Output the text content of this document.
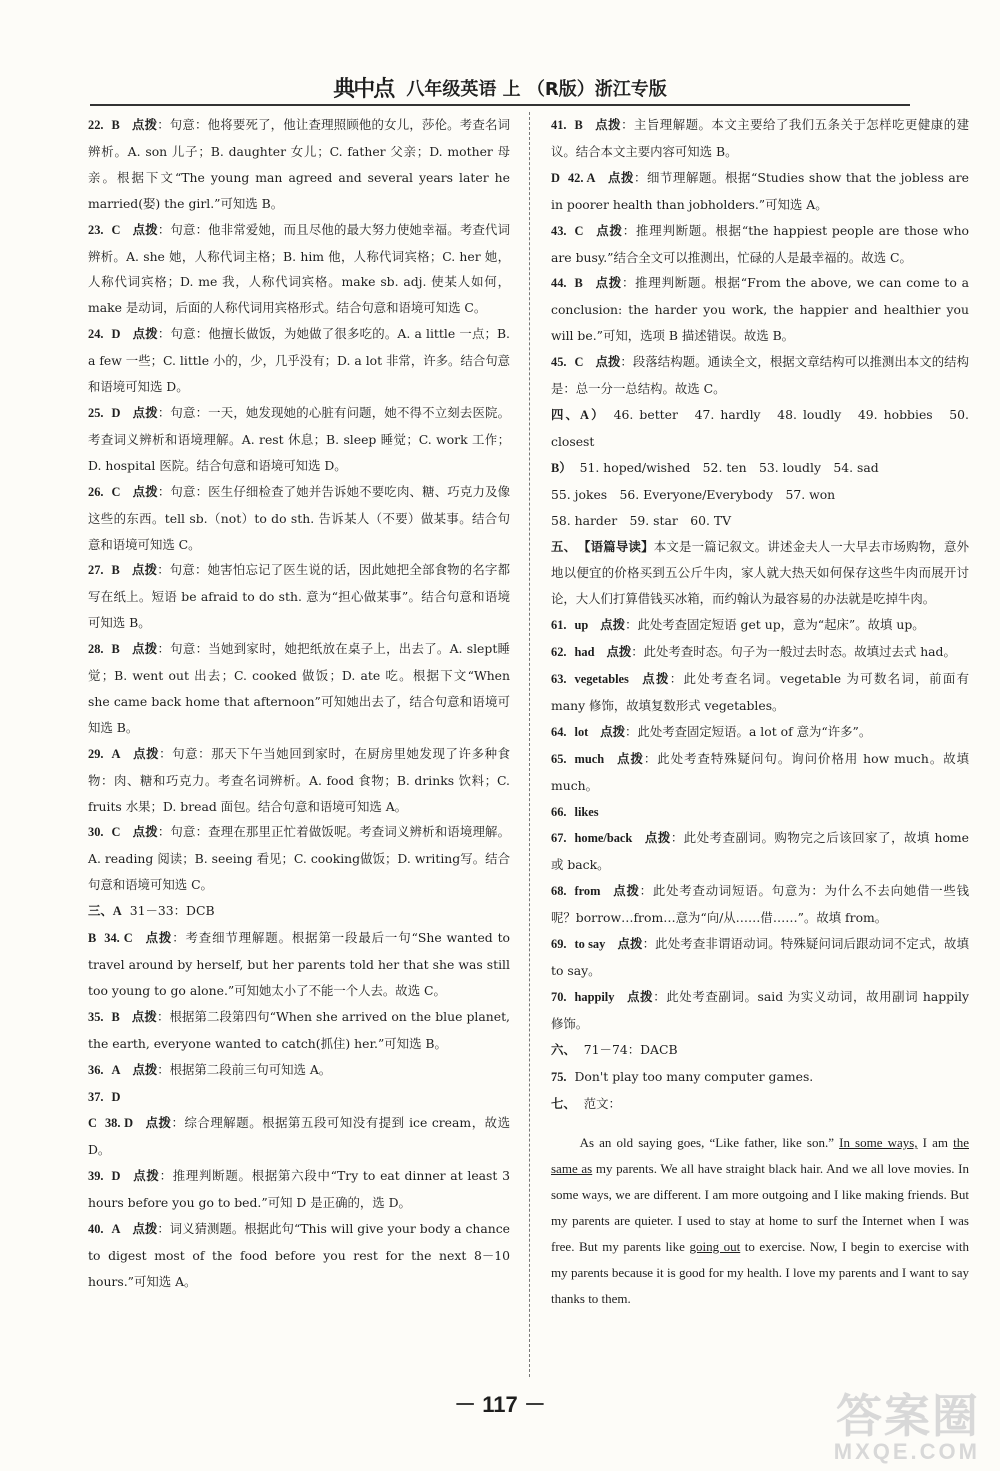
典中点 八年级英语 上 （R版）浙江专版

22. B 点拨：句意：他将要死了，他让查理照顾他的女儿，莎伦。考查名词辨析。A. son 儿子；B. daughter 女儿；C. father 父亲；D. mother 母亲。根据下文“The young man agreed and several years later he married(娶) the girl.”可知选 B。

23. C 点拨：句意：他非常爱她，而且尽他的最大努力使她幸福。考查代词辨析。A. she 她，人称代词主格；B. him 他，人称代词宾格；C. her 她，人称代词宾格；D. me 我，人称代词宾格。make sb. adj. 使某人如何，make 是动词，后面的人称代词用宾格形式。结合句意和语境可知选 C。

24. D 点拨：句意：他擅长做饭，为她做了很多吃的。A. a little 一点；B. a few 一些；C. little 小的，少，几乎没有；D. a lot 非常，许多。结合句意和语境可知选 D。

25. D 点拨：句意：一天，她发现她的心脏有问题，她不得不立刻去医院。考查词义辨析和语境理解。A. rest 休息；B. sleep 睡觉；C. work 工作；D. hospital 医院。结合句意和语境可知选 D。

26. C 点拨：句意：医生仔细检查了她并告诉她不要吃肉、糖、巧克力及像这些的东西。tell sb.（not）to do sth. 告诉某人（不要）做某事。结合句意和语境可知选 C。

27. B 点拨：句意：她害怕忘记了医生说的话，因此她把全部食物的名字都写在纸上。短语 be afraid to do sth. 意为“担心做某事”。结合句意和语境可知选 B。

28. B 点拨：句意：当她到家时，她把纸放在桌子上，出去了。A. slept睡觉；B. went out 出去；C. cooked 做饭；D. ate 吃。根据下文“When she came back home that afternoon”可知她出去了，结合句意和语境可知选 B。

29. A 点拨：句意：那天下午当她回到家时，在厨房里她发现了许多种食物：肉、糖和巧克力。考查名词辨析。A. food 食物；B. drinks 饮料；C. fruits 水果；D. bread 面包。结合句意和语境可知选 A。

30. C 点拨：句意：查理在那里正忙着做饭呢。考查词义辨析和语境理解。A. reading 阅读；B. seeing 看见；C. cooking做饭；D. writing写。结合句意和语境可知选 C。

三、A 31－33：DCB

B 34. C 点拨：考查细节理解题。根据第一段最后一句“She wanted to travel around by herself, but her parents told her that she was still too young to go alone.”可知她太小了不能一个人去。故选 C。

35. B 点拨：根据第二段第四句“When she arrived on the blue planet, the earth, everyone wanted to catch(抓住) her.”可知选 B。

36. A 点拨：根据第二段前三句可知选 A。

37. D

C 38. D 点拨：综合理解题。根据第五段可知没有提到 ice cream，故选 D。

39. D 点拨：推理判断题。根据第六段中“Try to eat dinner at least 3 hours before you go to bed.”可知 D 是正确的，选 D。

40. A 点拨：词义猜测题。根据此句“This will give your body a chance to digest most of the food before you rest for the next 8－10 hours.”可知选 A。

41. B 点拨：主旨理解题。本文主要给了我们五条关于怎样吃更健康的建议。结合本文主要内容可知选 B。

D 42. A 点拨：细节理解题。根据“Studies show that the jobless are in poorer health than jobholders.”可知选 A。

43. C 点拨：推理判断题。根据“the happiest people are those who are busy.”结合全文可以推测出，忙碌的人是最幸福的。故选 C。

44. B 点拨：推理判断题。根据“From the above, we can come to a conclusion: the harder you work, the happier and healthier you will be.”可知，选项 B 描述错误。故选 B。

45. C 点拨：段落结构题。通读全文，根据文章结构可以推测出本文的结构是：总一分一总结构。故选 C。

四、A） 46. better　47. hardly　48. loudly　49. hobbies　50. closest

B） 51. hoped/wished　52. ten　53. loudly　54. sad

55. jokes　56. Everyone/Everybody　57. won

58. harder　59. star　60. TV

五、 【语篇导读】本文是一篇记叙文。讲述金夫人一大早去市场购物，意外地以便宜的价格买到五公斤牛肉，家人就大热天如何保存这些牛肉而展开讨论，大人们打算借钱买冰箱，而约翰认为最容易的办法就是吃掉牛肉。

61. up 点拨：此处考查固定短语 get up，意为“起床”。故填 up。

62. had 点拨：此处考查时态。句子为一般过去时态。故填过去式 had。

63. vegetables 点拨：此处考查名词。vegetable 为可数名词，前面有 many 修饰，故填复数形式 vegetables。

64. lot 点拨：此处考查固定短语。a lot of 意为“许多”。

65. much 点拨：此处考查特殊疑问句。询问价格用 how much。故填 much。

66. likes

67. home/back 点拨：此处考查副词。购物完之后该回家了，故填 home 或 back。

68. from 点拨：此处考查动词短语。句意为：为什么不去向她借一些钱呢？borrow…from…意为“向/从……借……”。故填 from。

69. to say 点拨：此处考查非谓语动词。特殊疑问词后跟动词不定式，故填 to say。

70. happily 点拨：此处考查副词。said 为实义动词，故用副词 happily 修饰。

六、 71－74：DACB

75. Don't play too many computer games.

七、 范文：

As an old saying goes, “Like father, like son.” In some ways, I am the same as my parents. We all have straight black hair. And we all love movies. In some ways, we are different. I am more outgoing and I like making friends. But my parents are quieter. I used to stay at home to surf the Internet when I was free. But my parents like going out to exercise. Now, I begin to exercise with my parents because it is good for my health. I love my parents and I want to say thanks to them.

－ 117 －	答案圈
MXQE.COM
